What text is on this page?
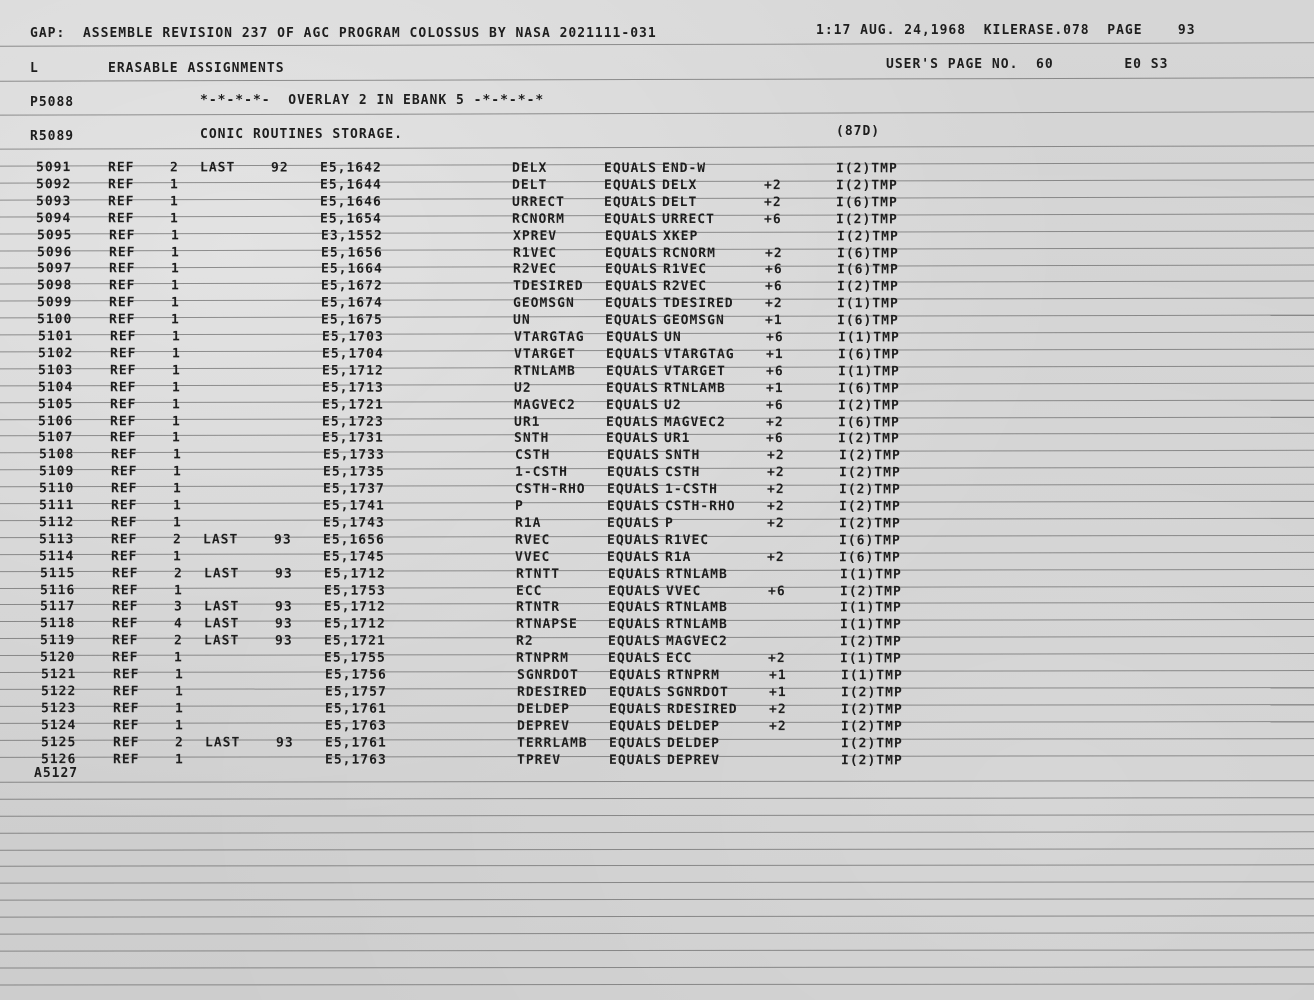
GAP:  ASSEMBLE REVISION 237 OF AGC PROGRAM COLOSSUS BY NASA 2021111-031	1:17 AUG. 24,1968  KILERASE.078  PAGE    93
L	ERASABLE ASSIGNMENTS	USER'S PAGE NO.  60        E0 S3
P5088	*-*-*-*-  OVERLAY 2 IN EBANK 5 -*-*-*-*
R5089	CONIC ROUTINES STORAGE.	(87D)
5091	REF	2 LAST	92 E5,1642	DELX	EQUALS END-W	I(2)TMP
5092	REF	1	E5,1644	DELT	EQUALS DELX	+2	I(2)TMP
5093	REF	1	E5,1646	URRECT	EQUALS DELT	+2	I(6)TMP
5094	REF	1	E5,1654	RCNORM	EQUALS URRECT	+6	I(2)TMP
5095	REF	1	E3,1552	XPREV	EQUALS XKEP	I(2)TMP
5096	REF	1	E5,1656	R1VEC	EQUALS RCNORM	+2	I(6)TMP
5097	REF	1	E5,1664	R2VEC	EQUALS R1VEC	+6	I(6)TMP
5098	REF	1	E5,1672	TDESIRED EQUALS R2VEC	+6	I(2)TMP
5099	REF	1	E5,1674	GEOMSGN EQUALS TDESIRED +2	I(1)TMP
5100	REF	1	E5,1675	UN	EQUALS GEOMSGN	+1	I(6)TMP
5101	REF	1	E5,1703	VTARGTAG EQUALS UN	+6	I(1)TMP
5102	REF	1	E5,1704	VTARGET EQUALS VTARGTAG +1	I(6)TMP
5103	REF	1	E5,1712	RTNLAMB EQUALS VTARGET	+6	I(1)TMP
5104	REF	1	E5,1713	U2	EQUALS RTNLAMB	+1	I(6)TMP
5105	REF	1	E5,1721	MAGVEC2 EQUALS U2	+6	I(2)TMP
5106	REF	1	E5,1723	UR1	EQUALS MAGVEC2	+2	I(6)TMP
5107	REF	1	E5,1731	SNTH	EQUALS UR1	+6	I(2)TMP
5108	REF	1	E5,1733	CSTH	EQUALS SNTH	+2	I(2)TMP
5109	REF	1	E5,1735	1-CSTH	EQUALS CSTH	+2	I(2)TMP
5110	REF	1	E5,1737	CSTH-RHO EQUALS 1-CSTH	+2	I(2)TMP
5111	REF	1	E5,1741	P	EQUALS CSTH-RHO +2	I(2)TMP
5112	REF	1	E5,1743	R1A	EQUALS P	+2	I(2)TMP
5113	REF	2 LAST	93 E5,1656	RVEC	EQUALS R1VEC	I(6)TMP
5114	REF	1	E5,1745	VVEC	EQUALS R1A	+2	I(6)TMP
5115	REF	2 LAST	93 E5,1712	RTNTT	EQUALS RTNLAMB	I(1)TMP
5116	REF	1	E5,1753	ECC	EQUALS VVEC	+6	I(2)TMP
5117	REF	3 LAST	93 E5,1712	RTNTR	EQUALS RTNLAMB	I(1)TMP
5118	REF	4 LAST	93 E5,1712	RTNAPSE EQUALS RTNLAMB	I(1)TMP
5119	REF	2 LAST	93 E5,1721	R2	EQUALS MAGVEC2	I(2)TMP
5120	REF	1	E5,1755	RTNPRM	EQUALS ECC	+2	I(1)TMP
5121	REF	1	E5,1756	SGNRDOT EQUALS RTNPRM	+1	I(1)TMP
5122	REF	1	E5,1757	RDESIRED EQUALS SGNRDOT	+1	I(2)TMP
5123	REF	1	E5,1761	DELDEP	EQUALS RDESIRED +2	I(2)TMP
5124	REF	1	E5,1763	DEPREV	EQUALS DELDEP	+2	I(2)TMP
5125	REF	2 LAST	93 E5,1761	TERRLAMB EQUALS DELDEP	I(2)TMP
5126	REF	1	E5,1763	TPREV	EQUALS DEPREV	I(2)TMP
A5127
